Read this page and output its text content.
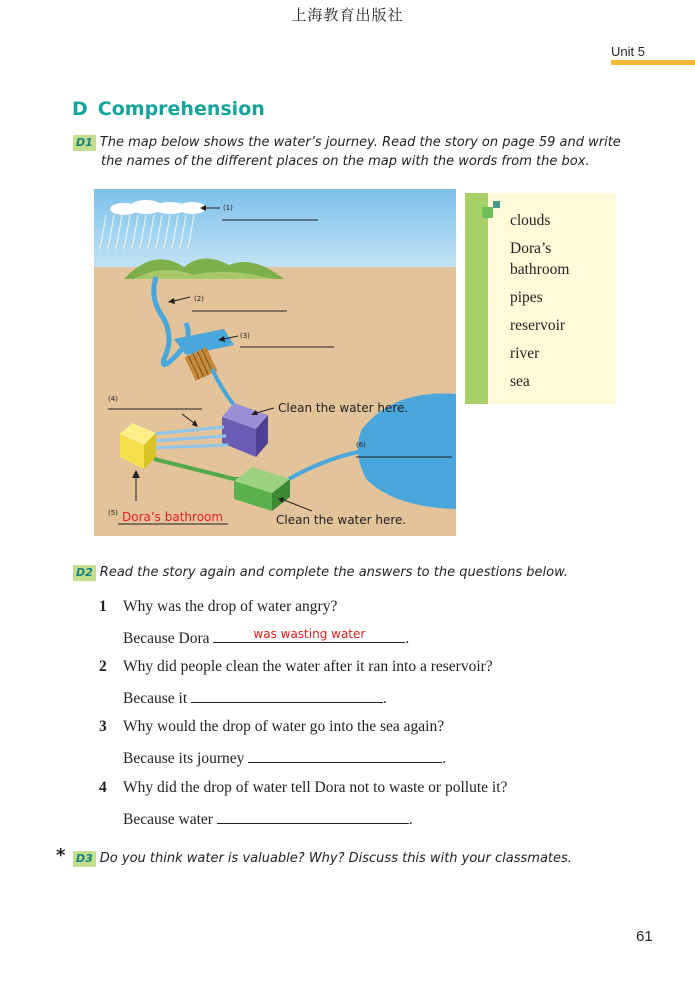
上海教育出版社
Unit 5
D Comprehension
D1 The map below shows the water’s journey. Read the story on page 59 and write
the names of the different places on the map with the words from the box.
(1)
(2)
(3)
(4)
Clean the water here.
(6)
(5) Dora’s bathroom	Clean the water here.
clouds
Dora’s
bathroom
pipes
reservoir
river
sea
D2 Read the story again and complete the answers to the questions below.
1 Why was the drop of water angry?
Because Dora	was wasting water	.
2 Why did people clean the water after it ran into a reservoir?
Because it	.
3 Why would the drop of water go into the sea again?
Because its journey	.
4 Why did the drop of water tell Dora not to waste or pollute it?
Because water	.
* D3 Do you think water is valuable? Why? Discuss this with your classmates.
61
